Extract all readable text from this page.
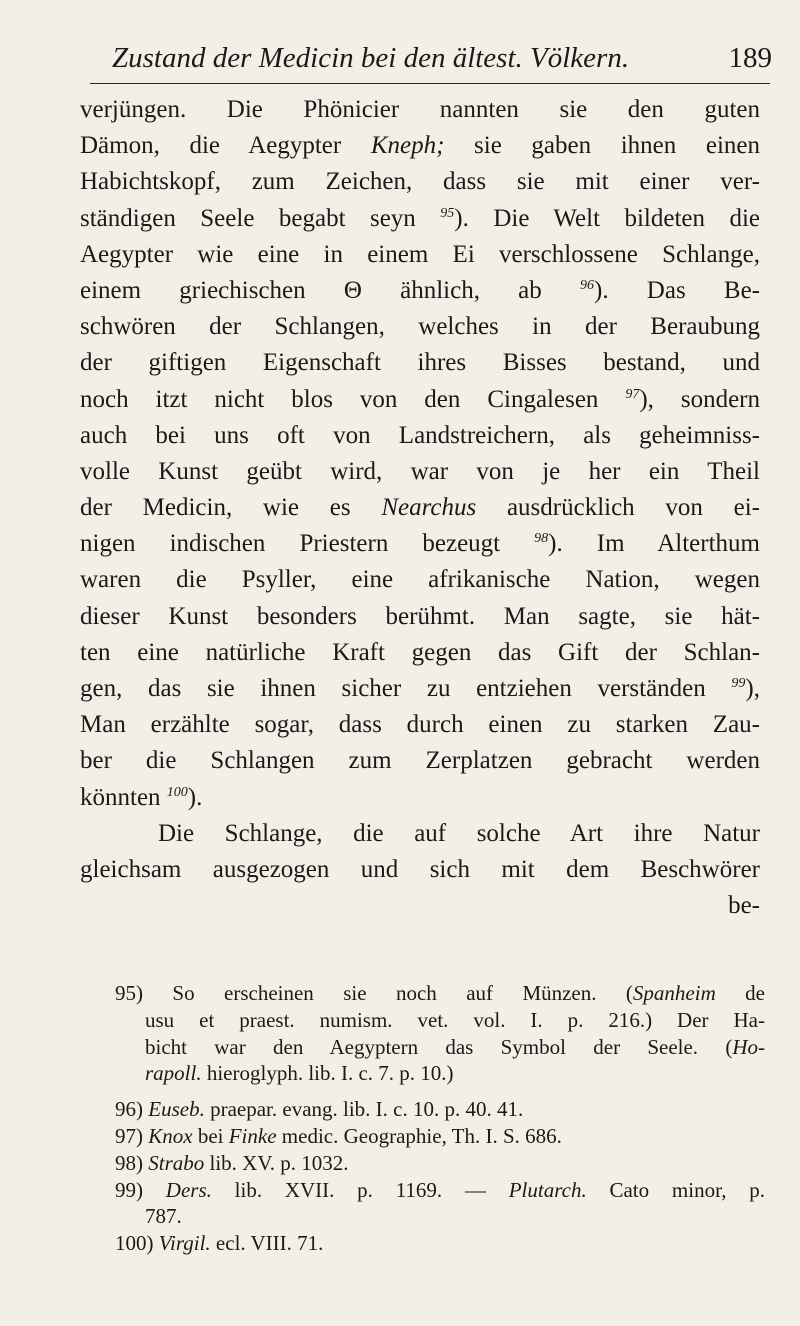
Zustand der Medicin bei den ältest. Völkern.	189
verjüngen. Die Phönicier nannten sie den guten
Dämon, die Aegypter Kneph; sie gaben ihnen einen
Habichtskopf, zum Zeichen, dass sie mit einer ver-
ständigen Seele begabt seyn $^{95}$). Die Welt bildeten die
Aegypter wie eine in einem Ei verschlossene Schlange,
einem griechischen Θ ähnlich, ab $^{96}$). Das Be-
schwören der Schlangen, welches in der Beraubung
der giftigen Eigenschaft ihres Bisses bestand, und
noch itzt nicht blos von den Cingalesen $^{97}$), sondern
auch bei uns oft von Landstreichern, als geheimniss-
volle Kunst geübt wird, war von je her ein Theil
der Medicin, wie es Nearchus ausdrücklich von ei-
nigen indischen Priestern bezeugt $^{98}$). Im Alterthum
waren die Psyller, eine afrikanische Nation, wegen
dieser Kunst besonders berühmt. Man sagte, sie hät-
ten eine natürliche Kraft gegen das Gift der Schlan-
gen, das sie ihnen sicher zu entziehen verständen $^{99}$),
Man erzählte sogar, dass durch einen zu starken Zau-
ber die Schlangen zum Zerplatzen gebracht werden
könnten $^{100}$).
Die Schlange, die auf solche Art ihre Natur
gleichsam ausgezogen und sich mit dem Beschwörer
be-
95) So erscheinen sie noch auf Münzen. (Spanheim de
usu et praest. numism. vet. vol. I. p. 216.) Der Ha-
bicht war den Aegyptern das Symbol der Seele. (Ho-
rapoll. hieroglyph. lib. I. c. 7. p. 10.)
96) Euseb. praepar. evang. lib. I. c. 10. p. 40. 41.
97) Knox bei Finke medic. Geographie, Th. I. S. 686.
98) Strabo lib. XV. p. 1032.
99) Ders. lib. XVII. p. 1169. — Plutarch. Cato minor, p.
787.
100) Virgil. ecl. VIII. 71.
